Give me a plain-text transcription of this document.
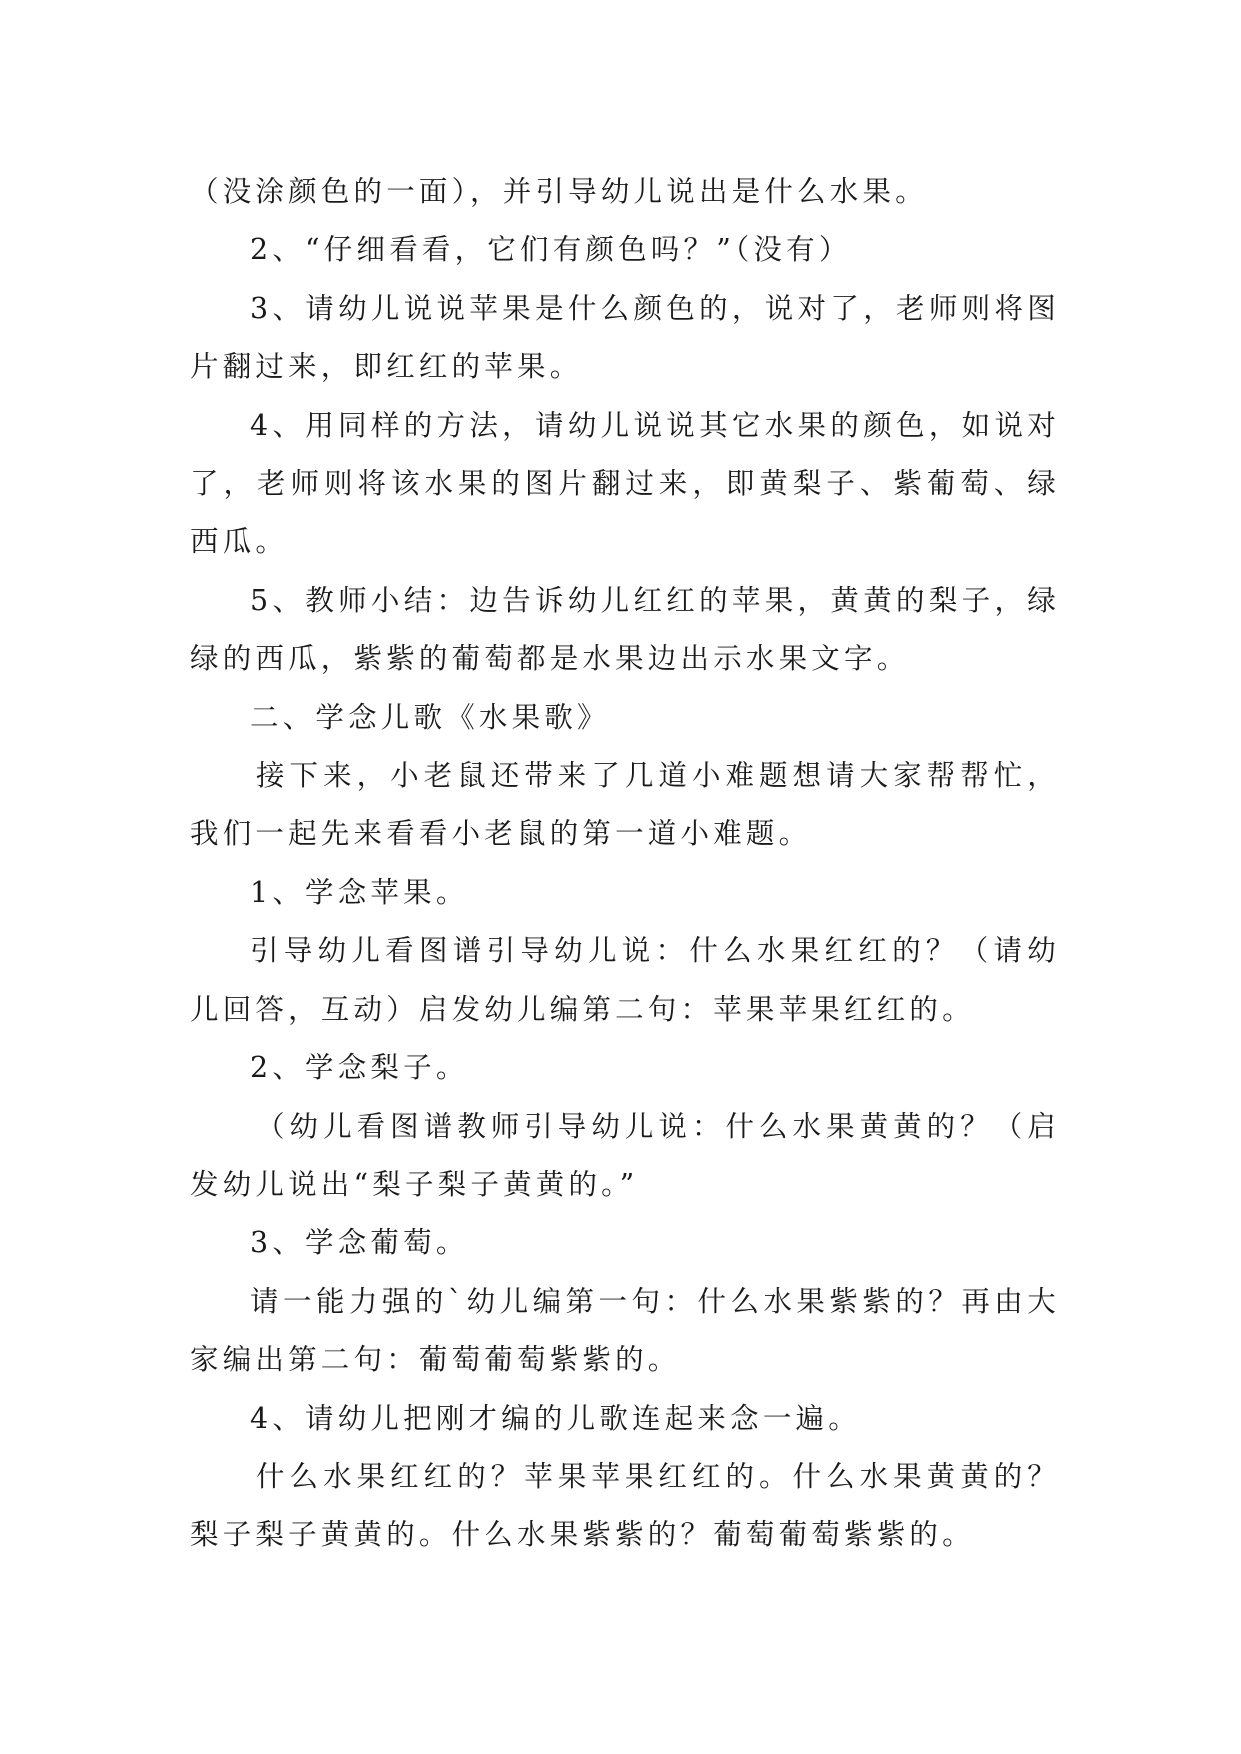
（没涂颜色的一面），并引导幼儿说出是什么水果。

2、“仔细看看，它们有颜色吗？”（没有）

3、请幼儿说说苹果是什么颜色的，说对了，老师则将图片翻过来，即红红的苹果。

4、用同样的方法，请幼儿说说其它水果的颜色，如说对了，老师则将该水果的图片翻过来，即黄梨子、紫葡萄、绿西瓜。

5、教师小结：边告诉幼儿红红的苹果，黄黄的梨子，绿绿的西瓜，紫紫的葡萄都是水果边出示水果文字。

二、学念儿歌《水果歌》

接下来，小老鼠还带来了几道小难题想请大家帮帮忙，我们一起先来看看小老鼠的第一道小难题。

1、学念苹果。

引导幼儿看图谱引导幼儿说：什么水果红红的？（请幼儿回答，互动）启发幼儿编第二句：苹果苹果红红的。

2、学念梨子。

（幼儿看图谱教师引导幼儿说：什么水果黄黄的？（启发幼儿说出“梨子梨子黄黄的。”

3、学念葡萄。

请一能力强的`幼儿编第一句：什么水果紫紫的？再由大家编出第二句：葡萄葡萄紫紫的。

4、请幼儿把刚才编的儿歌连起来念一遍。

什么水果红红的？苹果苹果红红的。什么水果黄黄的？梨子梨子黄黄的。什么水果紫紫的？葡萄葡萄紫紫的。
